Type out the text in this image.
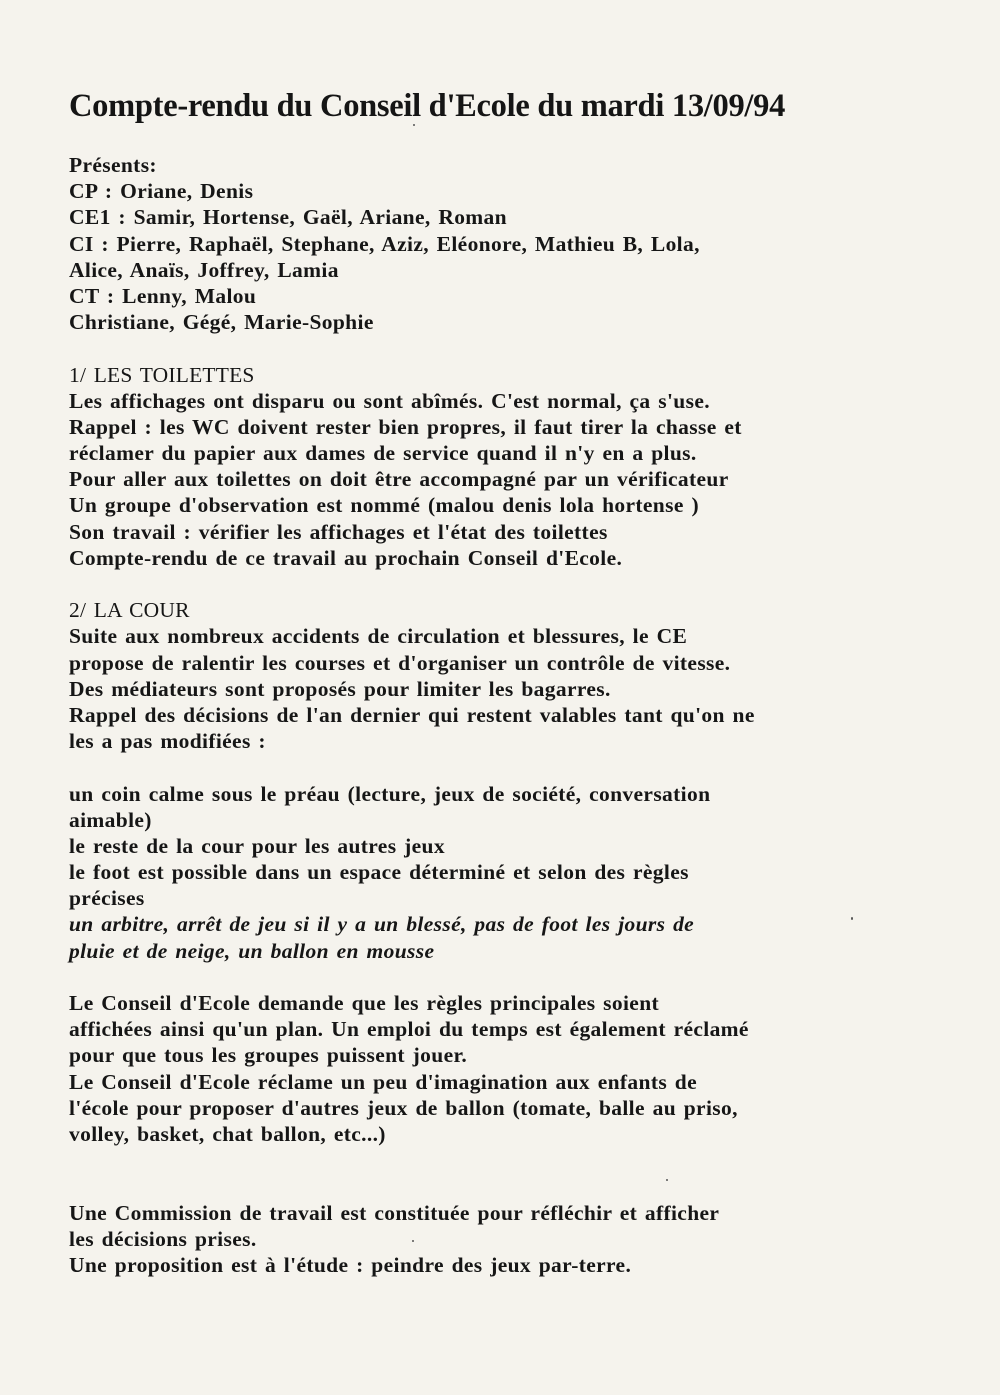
Compte-rendu du Conseil d'Ecole du mardi 13/09/94
Présents:
CP : Oriane, Denis
CE1 : Samir, Hortense, Gaël, Ariane, Roman
CI : Pierre, Raphaël, Stephane, Aziz, Eléonore, Mathieu B, Lola,
Alice, Anaïs, Joffrey, Lamia
CT : Lenny, Malou
Christiane, Gégé, Marie-Sophie
1/ LES TOILETTES
Les affichages ont disparu ou sont abîmés. C'est normal, ça s'use.
Rappel : les WC doivent rester bien propres, il faut tirer la chasse et
réclamer du papier aux dames de service quand il n'y en a plus.
Pour aller aux toilettes on doit être accompagné par un vérificateur
Un groupe d'observation est nommé (malou denis lola hortense )
Son travail : vérifier les affichages et l'état des toilettes
Compte-rendu de ce travail au prochain Conseil d'Ecole.
2/ LA COUR
Suite aux nombreux accidents de circulation et blessures, le CE
propose de ralentir les courses et d'organiser un contrôle de vitesse.
Des médiateurs sont proposés pour limiter les bagarres.
Rappel des décisions de l'an dernier qui restent valables tant qu'on ne
les a pas modifiées :
un coin calme sous le préau (lecture, jeux de société, conversation
aimable)
le reste de la cour pour les autres jeux
le foot est possible dans un espace déterminé et selon des règles
précises
un arbitre, arrêt de jeu si il y a un blessé, pas de foot les jours de
pluie et de neige, un ballon en mousse
Le Conseil d'Ecole demande que les règles principales soient
affichées ainsi qu'un plan. Un emploi du temps est également réclamé
pour que tous les groupes puissent jouer.
Le Conseil d'Ecole réclame un peu d'imagination aux enfants de
l'école pour proposer d'autres jeux de ballon (tomate, balle au priso,
volley, basket, chat ballon, etc...)
Une Commission de travail est constituée pour réfléchir et afficher
les décisions prises.
Une proposition est à l'étude : peindre des jeux par-terre.
